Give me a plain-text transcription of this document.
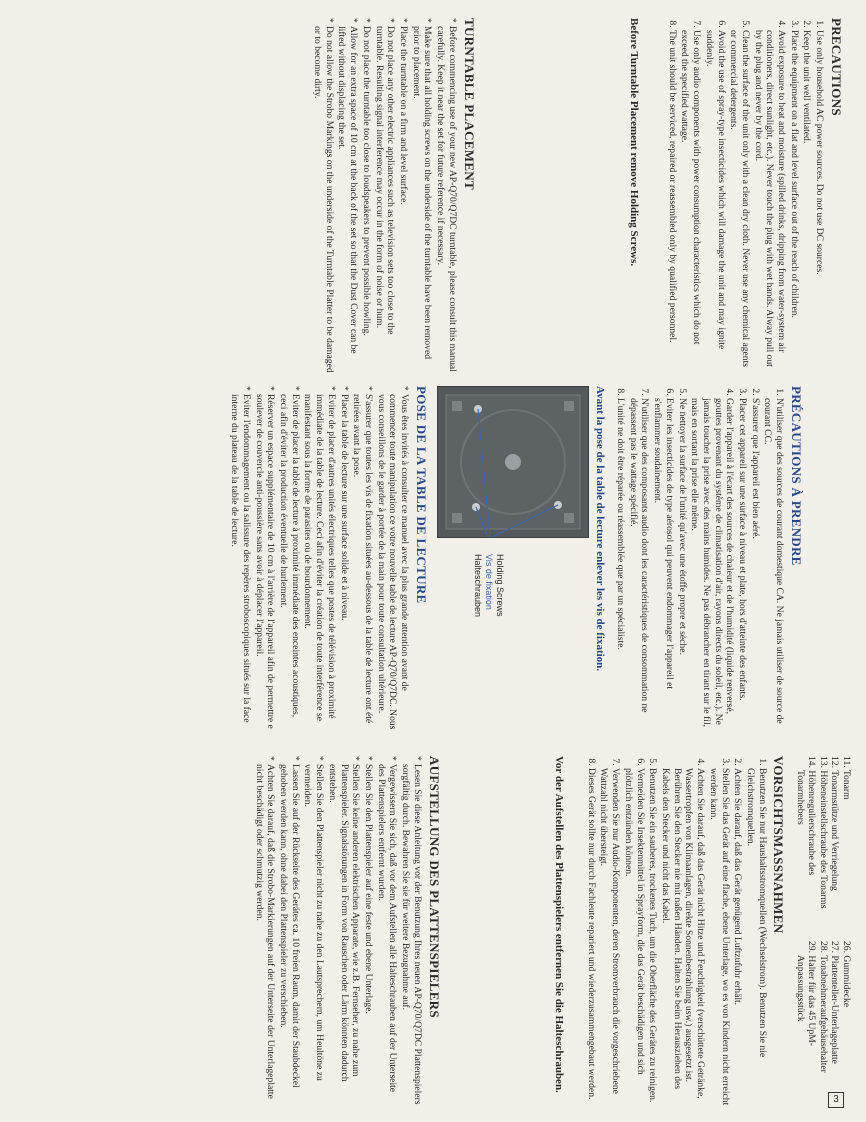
PRECAUTIONS
1. Use only household AC power sources. Do not use DC sources.
2. Keep the unit well ventilated.
3. Place the equipment on a flat and level surface out of the reach of children.
4. Avoid exposure to heat and moisture (spilled drinks, dripping from water-system air conditioners, direct sunlight, etc.). Never touch the plug with wet hands. Alway pull out by the plug and never by the cord.
5. Clean the surface of the unit only with a clean dry cloth. Never use any chemical agents or commercial detergents.
6. Avoid the use of spray-type insecticides which will damage the unit and may ignite suddenly.
7. Use only audio components with power consumption characteristics which do not exceed the specified wattage.
8. The unit should be serviced, repaired or reassembled only by qualified personnel.
Before Turntable Placement remove Holding Screws.
TURNTABLE PLACEMENT
* Before commencing use of your new AP-Q70/Q7DC turntable, please consult this manual carefully. Keep it near the set for future reference if necessary.
* Make sure that all holding screws on the underside of the turntable have been removed prior to placement.
* Place the turntable on a firm and level surface.
* Do not place any other electric appliances such as television sets too close to the turntable. Resulting signal interference may occur in the form of noise or hum.
* Do not place the turntable too close to loudspeakers to prevent possible howling.
* Allow for an extra space of 10 cm at the back of the set so that the Dust Cover can be lifted without displacing the set.
* Do not allow the Strobo Markings on the underside of the Turntable Platter to be damaged or to become dirty.
PRÉCAUTIONS À PRENDRE
1. N'utiliser que des sources de courant domestique CA. Ne jamais utiliser de source de courant CC.
2. S'assurer que l'appareil est bien aéré.
3. Placer cet appareil sur une surface à niveau et plate, hors d'atteinte des enfants.
4. Garder l'appareil à l'écart des sources de chaleur et de l'humidité (liquide renversé, gouttes provenant du système de climatisation d'air, rayons directs du soleil, etc.). Ne jamais toucher la prise avec des mains humides. Ne pas débrancher en tirant sur le fil, mais en sortant la prise elle même.
5. Ne nettoyer la surface de l'unité qu'avec une étoffe propre et sèche.
6. Eviter les insecticides de type aérosol qui peuvent endommager l'appareil et s'enflammer soudainement.
7. N'utiliser que des composants audio dont les caractéristiques de consommation ne dépassent pas le wattage spécifié.
8. L'unité ne doit être réparée ou réassemblée que par un spécialiste.
Avant la pose de la table de lecture enlever les vis de fixation.
Holding Screws
Vis de fixation
Halteschrauben
POSE DE LA TABLE DE LECTURE
* Vous êtes invités à consulter ce manuel avec la plus grande attention avant de commencer toute manipulation ce votre nouvelle table de lecture AP-Q70/Q7DC. Nous vous conseillons de le garder à portée de la main pour toute consultation ultérieure.
* S'assurer que toutes les vis de fixation situées au-dessous de la table de lecture ont été retirées avant la pose.
* Placer la table de lecture sur une surface solide et à niveau.
* Eviter de placer d'autres unités électriques telles que postes de télévision à proximité immédiate de la table de lecture. Ceci afin d'éviter la création de toute interférence se manifestant sous la forme de parasites ou de bourdonnement.
* Eviter de placer la table de lecture à proximité immédiate des enceintes acoustiques, ceci afin d'éviter la production éventuelle de hurlement.
* Réserver un espace supplémentaire de 10 cm à l'arrière de l'appareil afin de permettre e soulever de couvercle anti-poussière sans avoir à déplacer l'appareil.
* Eviter l'endommagement ou la salissure des repères stroboscopiques situés sur la face interne du plateau de la table de lecture.
11. Tonarm
12. Tonarmstütze und Verriegelung
13. Höheneinstellschraube des Tonarms
14. Höhenregulierschraube des
Tonarmhebers
26. Gummidecke
27. Plattenteller-Unterlageplatte
28. Tonabnehmeraufgehäusehalter
29. Halter für das 45 UpM-
Anpassungsstück
VORSICHTSMASSNAHMEN
1. Benutzen Sie nur Haushaltsstromquellen (Wechselstrom). Benutzen Sie nie Gleichstromquellen.
2. Achten Sie darauf, daß das Gerät genügend Luftzufuhr erhält.
3. Stellen Sie das Gerät auf eine flache, ebene Unterlage, wo es von Kindern nicht erreicht werden kann.
4. Achten Sie darauf, daß das Gerät nicht Hitze und Feuchtigkeit (verschüttete Getränke, Wassertropfen von Klimaanlagen, direkte Sonnenbestrahlung usw.) ausgesetzt ist. Berühren Sie den Stecker nie mit naßen Händen. Halten Sie beim Herausziehen des Kabels den Stecker und nicht das Kabel.
5. Benutzen Sie ein sauberes, trockenes Tuch, um die Oberfläche des Gerätes zu reinigen.
6. Vermeiden Sie Insektenmittel in Sprayform, die das Gerät beschädigen und sich plötzlich entzünden können.
7. Verwenden Sie nur Audio-Komponenten, deren Stromverbrauch die vorgeschriebene Wattzahl nicht übersteigt.
8. Dieses Gerät sollte nur durch Fachleute repariert und wiederzusammengebaut werden.
Vor der Aufstellen des Plattenspielers entfernen Sie die Halteschrauben.
AUFSTELLUNG DES PLATTENSPIELERS
* Lesen Sie diese Anleitung vor der Benutzung Ihres neuen AP-Q70/Q7DC Plattenspielers sorgfältig durch. Bewahren Sie sie für weitere Bezugnahme auf.
* Vergewissern Sie sich, daß vor dem Aufstellen alle Halteschrauben auf der Unterseite des Plattenspielers entfernt wurden.
* Stellen Sie den Plattenspieler auf eine feste und ebene Unterlage.
* Stellen Sie keine anderen elektrischen Apparate, wie z.B. Fernseher, zu nahe zum Plattenspieler. Signalstörungen in Form von Rauschen oder Lärm könnten dadurch entstehen.
* Stellen Sie den Plattenspieler nicht zu nahe zu den Lautsprechern, um Heultöne zu vermeiden.
* Lassen Sie auf der Rückseite des Gerätes ca. 10 freien Raum, damit der Staubdeckel gehoben werden kann, ohne dabei den Plattenspieler zu verschieben.
* Achten Sie darauf, daß die Strobo-Markierungen auf der Unterseite der Unterlageplatte nicht beschädigt oder schmutzig werden.
3
